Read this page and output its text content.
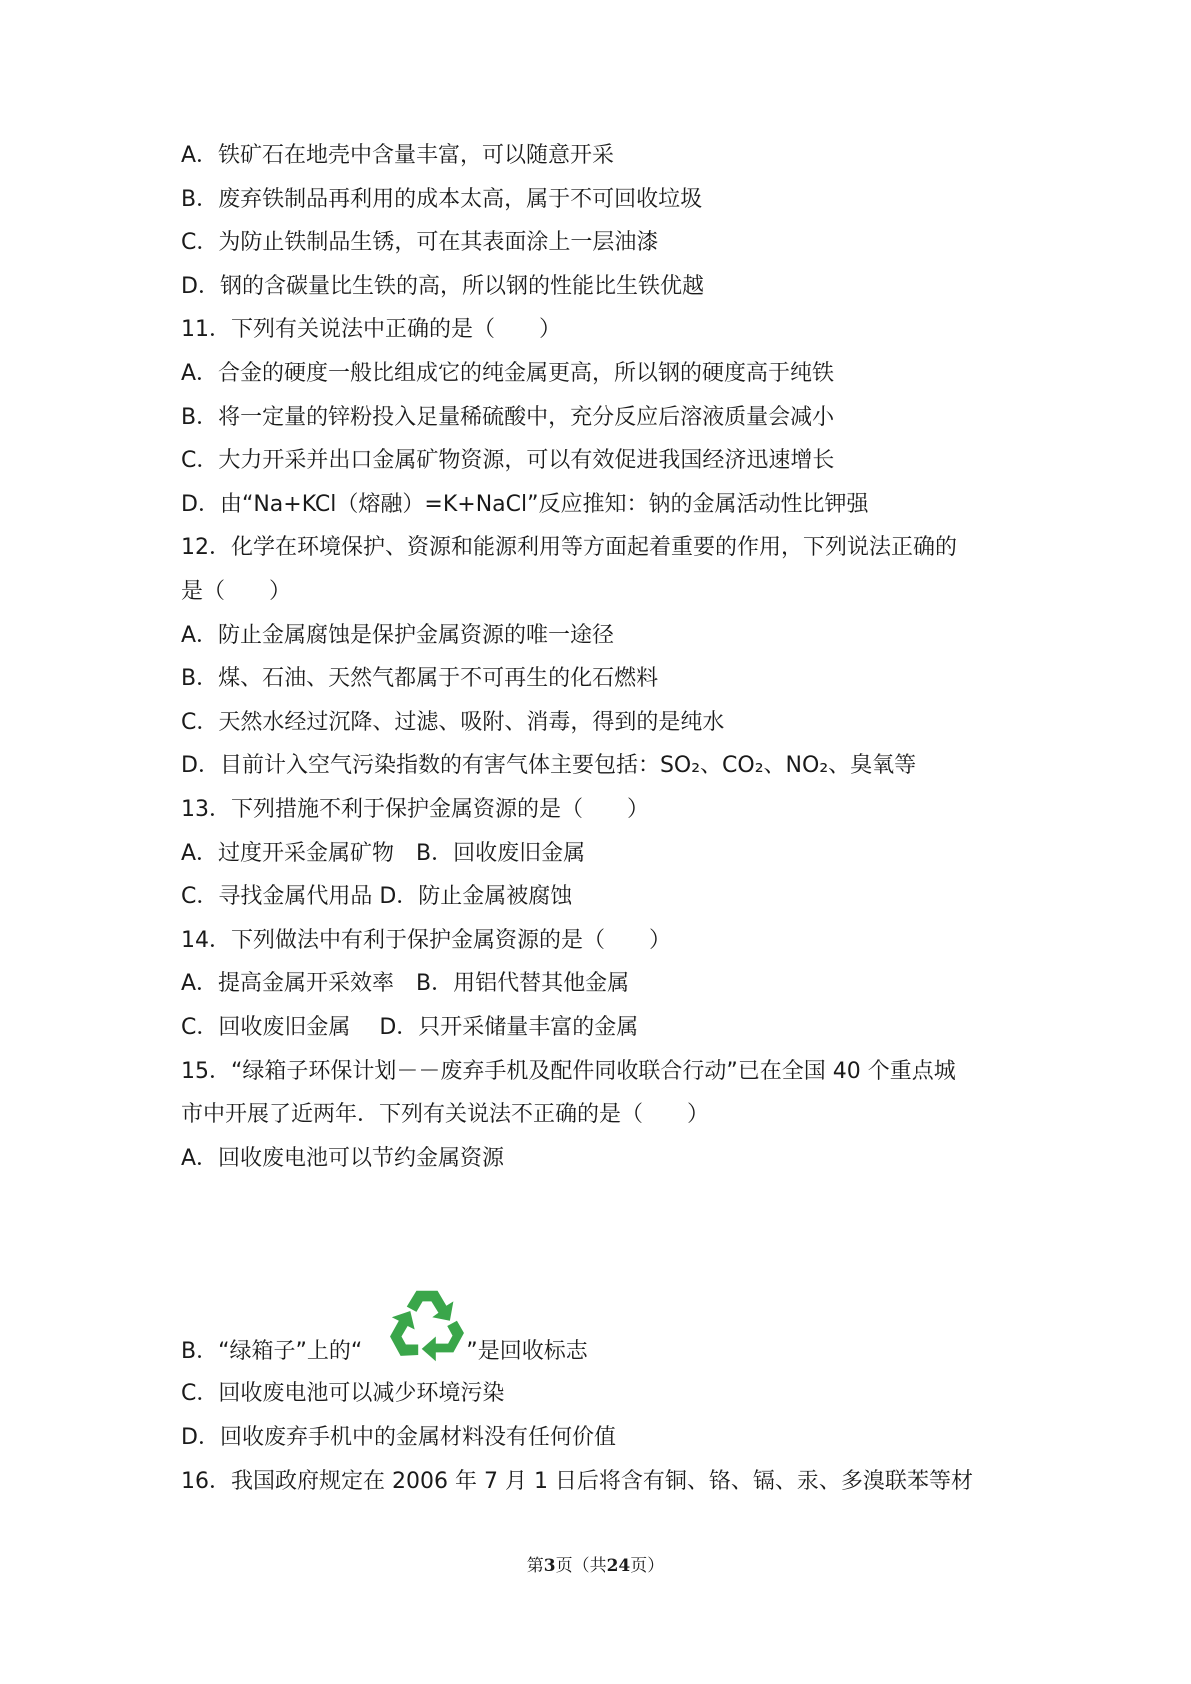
A．铁矿石在地壳中含量丰富，可以随意开采
B．废弃铁制品再利用的成本太高，属于不可回收垃圾
C．为防止铁制品生锈，可在其表面涂上一层油漆
D．钢的含碳量比生铁的高，所以钢的性能比生铁优越
11．下列有关说法中正确的是（　　）
A．合金的硬度一般比组成它的纯金属更高，所以钢的硬度高于纯铁
B．将一定量的锌粉投入足量稀硫酸中，充分反应后溶液质量会减小
C．大力开采并出口金属矿物资源，可以有效促进我国经济迅速增长
D．由“Na+KCl（熔融）=K+NaCl”反应推知：钠的金属活动性比钾强
12．化学在环境保护、资源和能源利用等方面起着重要的作用，下列说法正确的
是（　　）
A．防止金属腐蚀是保护金属资源的唯一途径
B．煤、石油、天然气都属于不可再生的化石燃料
C．天然水经过沉降、过滤、吸附、消毒，得到的是纯水
D．目前计入空气污染指数的有害气体主要包括：SO₂、CO₂、NO₂、臭氧等
13．下列措施不利于保护金属资源的是（　　）
A．过度开采金属矿物　B．回收废旧金属
C．寻找金属代用品 D．防止金属被腐蚀
14．下列做法中有利于保护金属资源的是（　　）
A．提高金属开采效率　B．用铝代替其他金属
C．回收废旧金属　 D．只开采储量丰富的金属
15．“绿箱子环保计划－－废弃手机及配件同收联合行动”已在全国 40 个重点城
市中开展了近两年．下列有关说法不正确的是（　　）
A．回收废电池可以节约金属资源
B．“绿箱子”上的“	”是回收标志
C．回收废电池可以减少环境污染
D．回收废弃手机中的金属材料没有任何价值
16．我国政府规定在 2006 年 7 月 1 日后将含有铜、铬、镉、汞、多溴联苯等材
第3页（共24页）
